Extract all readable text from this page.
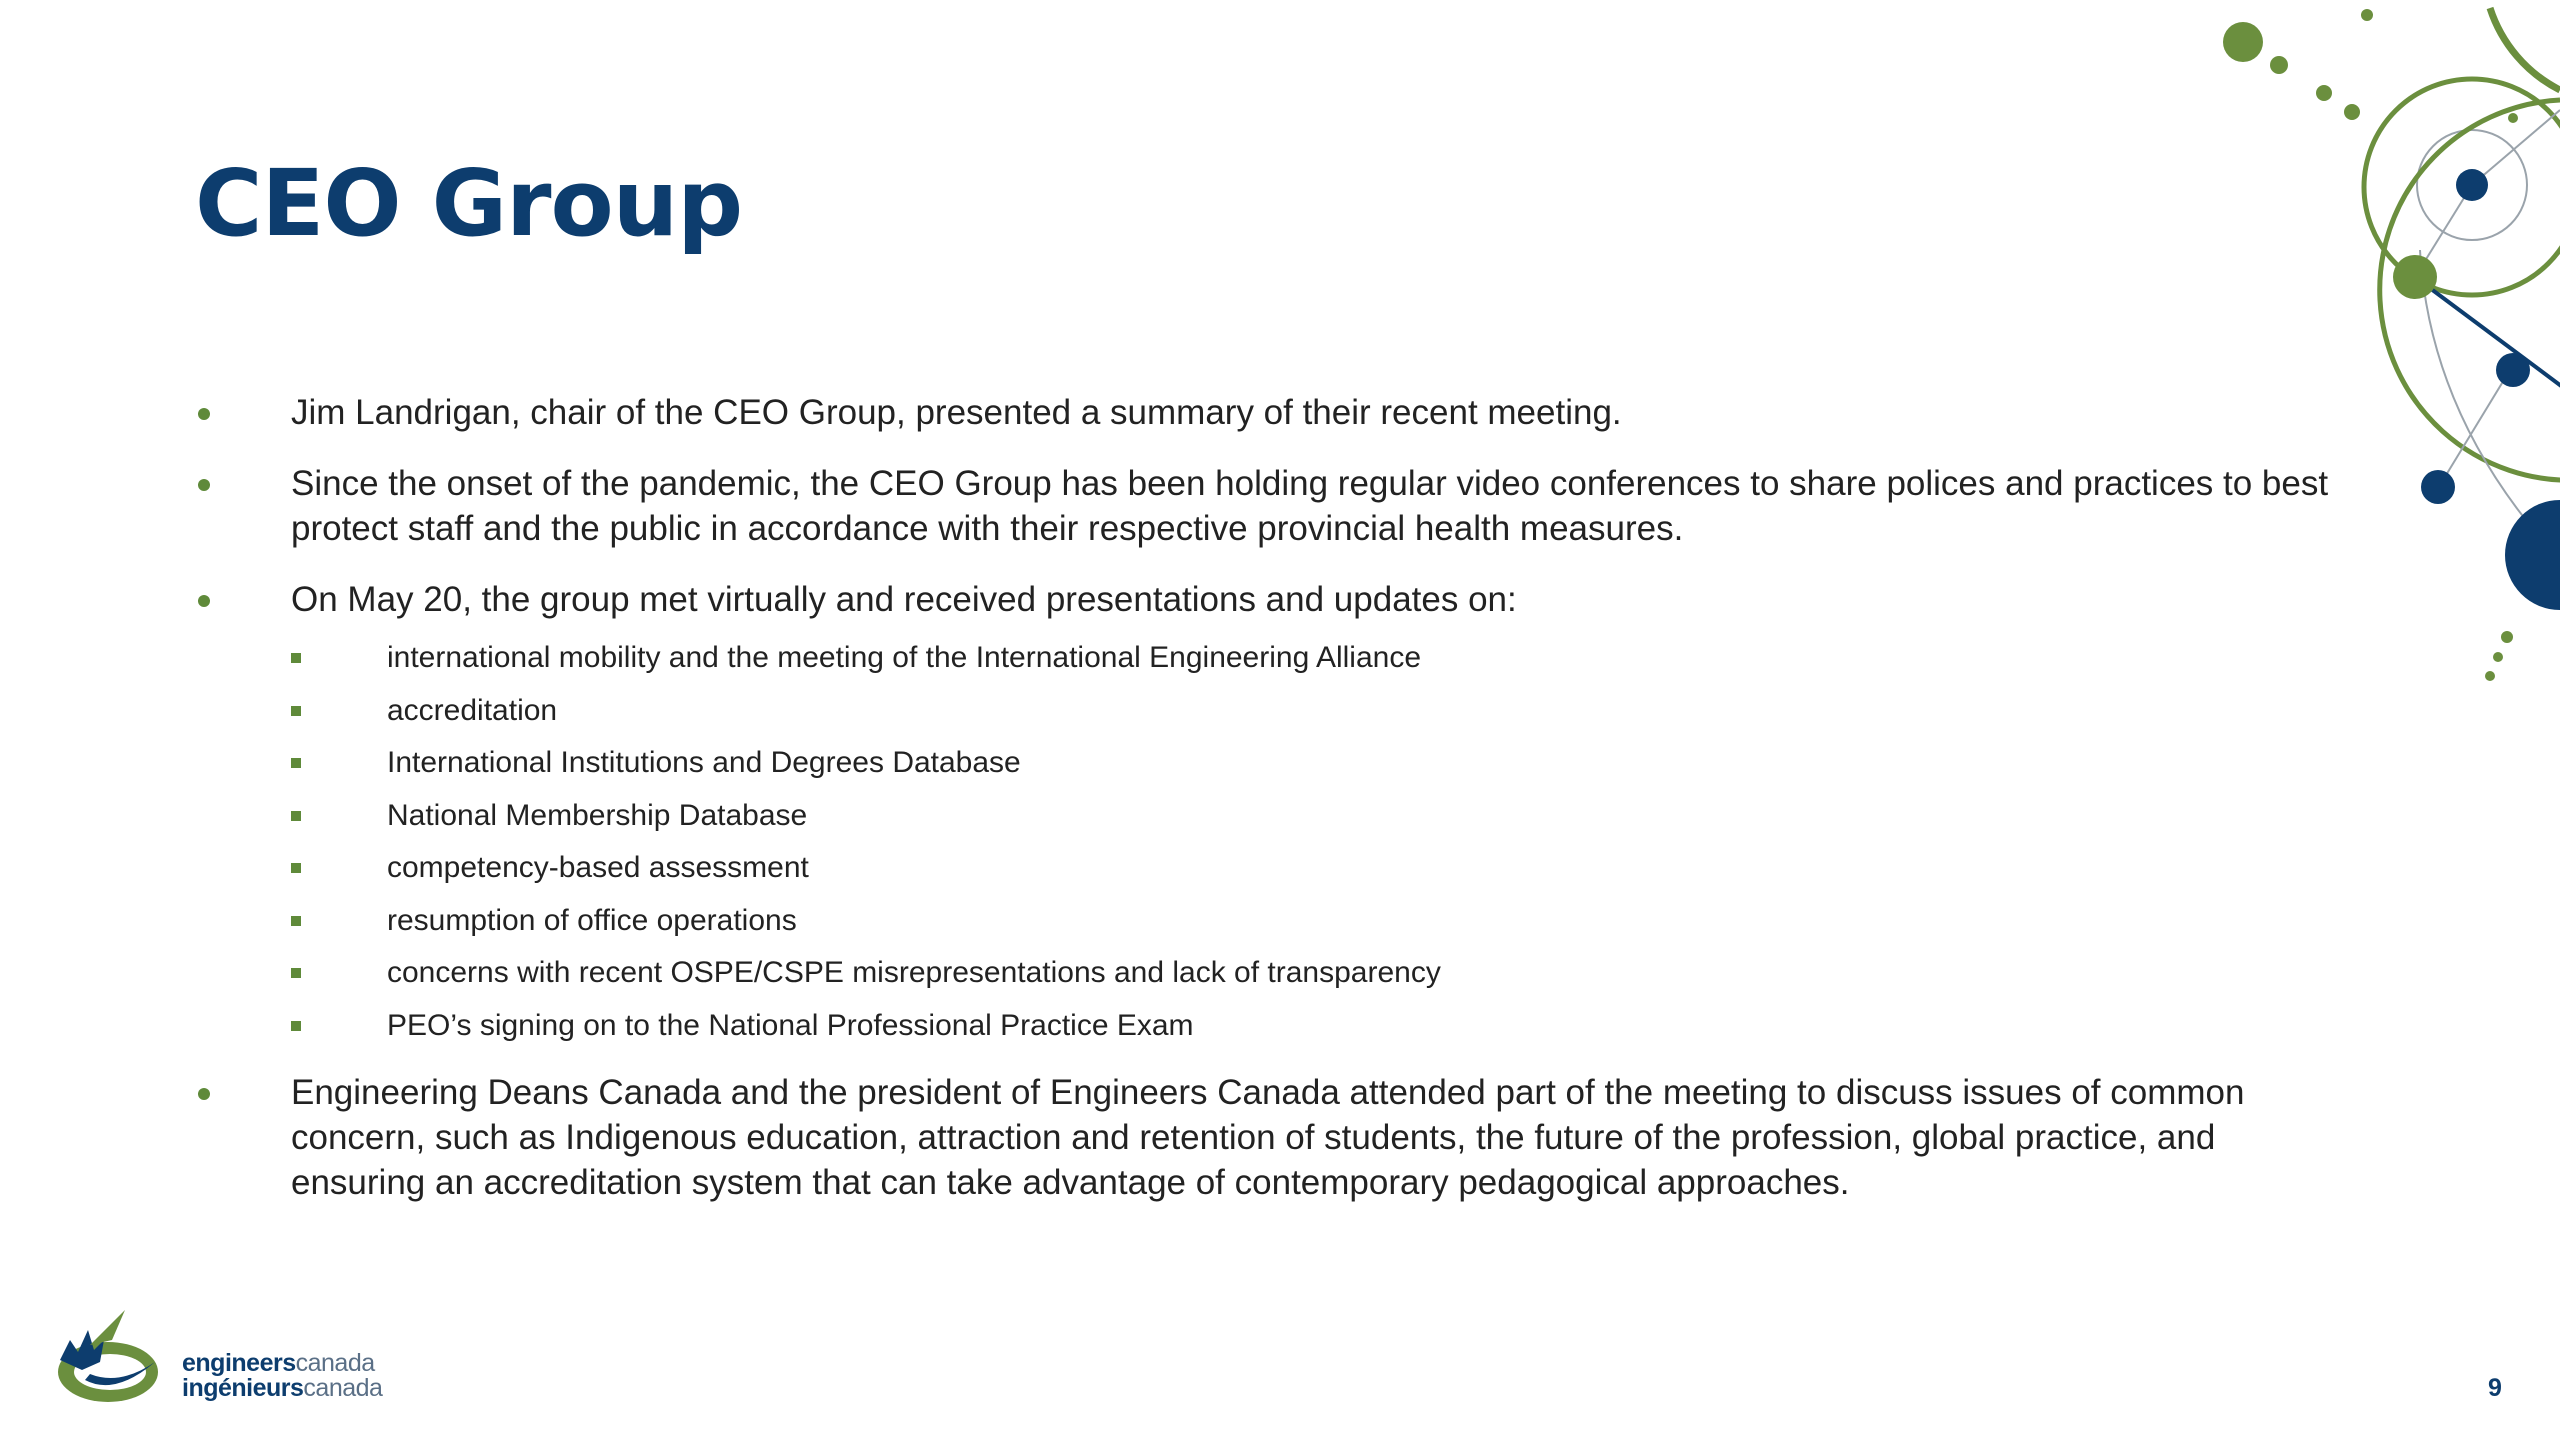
CEO Group
Jim Landrigan, chair of the CEO Group, presented a summary of their recent meeting.
Since the onset of the pandemic, the CEO Group has been holding regular video conferences to share polices and practices to best protect staff and the public in accordance with their respective provincial health measures.
On May 20, the group met virtually and received presentations and updates on:
international mobility and the meeting of the International Engineering Alliance
accreditation
International Institutions and Degrees Database
National Membership Database
competency-based assessment
resumption of office operations
concerns with recent OSPE/CSPE misrepresentations and lack of transparency
PEO’s signing on to the National Professional Practice Exam
Engineering Deans Canada and the president of Engineers Canada attended part of the meeting to discuss issues of common concern, such as Indigenous education, attraction and retention of students, the future of the profession, global practice, and ensuring an accreditation system that can take advantage of contemporary pedagogical approaches.
engineerscanada
ingénieurscanada	9
